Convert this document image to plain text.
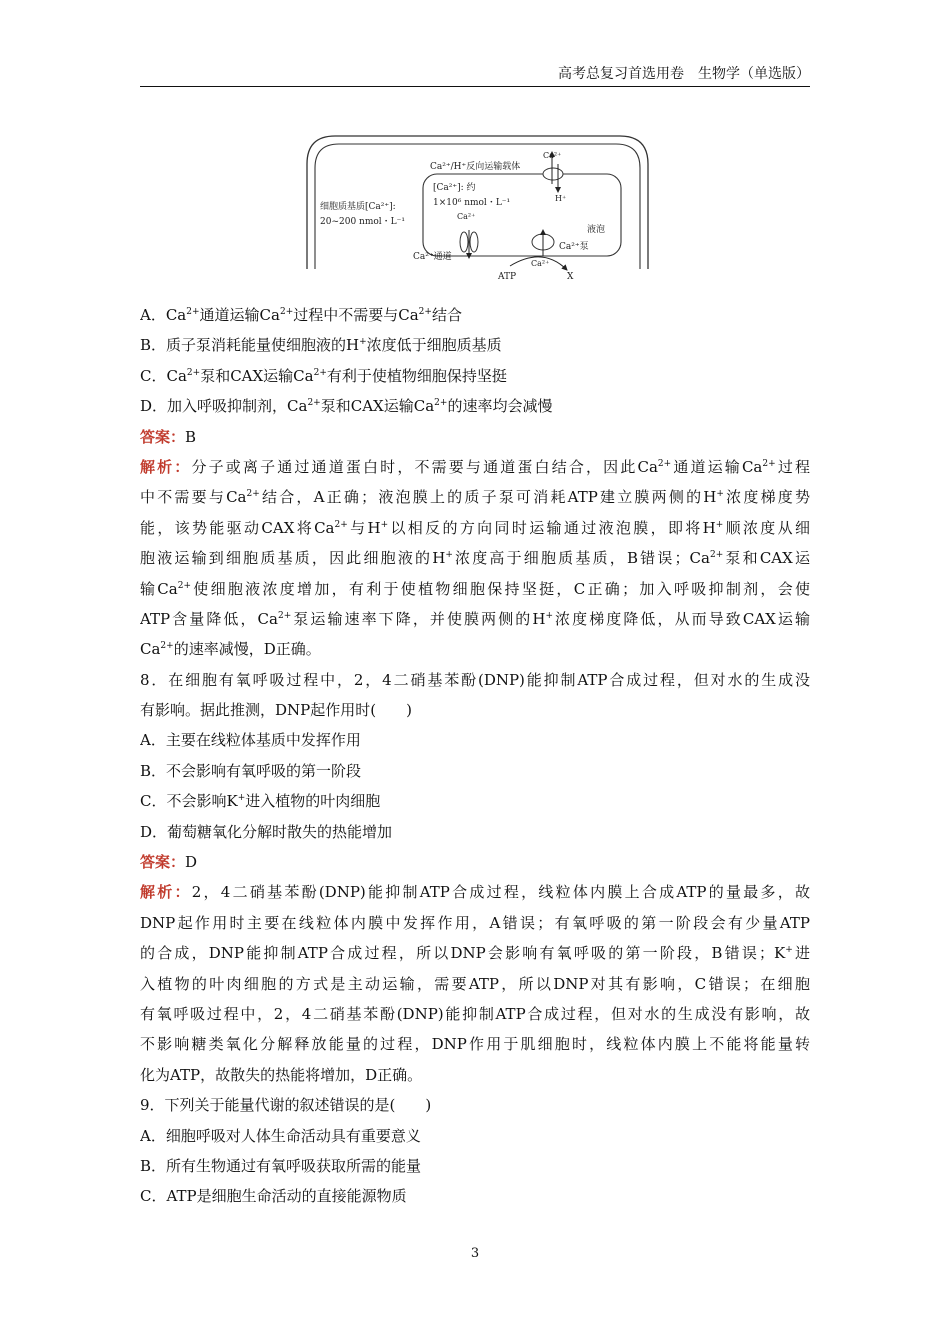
高考总复习首选用卷　生物学（单选版）
Ca²⁺/H⁺反向运输载体
Ca²⁺
H⁺
细胞质基质[Ca²⁺]:
20~200 nmol・L⁻¹
[Ca²⁺]: 约
1×10⁶ nmol・L⁻¹
Ca²⁺
Ca²⁺通道
液泡
Ca²⁺泵
Ca²⁺
ATP	X
A．$Ca^{2+}$通道运输$Ca^{2+}$过程中不需要与$Ca^{2+}$结合
B．质子泵消耗能量使细胞液的H+浓度低于细胞质基质
C．$Ca^{2+}$泵和CAX运输$Ca^{2+}$有利于使植物细胞保持坚挺
D．加入呼吸抑制剂，$Ca^{2+}$泵和CAX运输$Ca^{2+}$的速率均会减慢
答案：B
解析：分子或离子通过通道蛋白时，不需要与通道蛋白结合，因此$Ca^{2+}$通道运输$Ca^{2+}$过程
中不需要与$Ca^{2+}$结合，A正确；液泡膜上的质子泵可消耗ATP建立膜两侧的H+浓度梯度势
能，该势能驱动CAX将$Ca^{2+}$与H+以相反的方向同时运输通过液泡膜，即将H+顺浓度从细
胞液运输到细胞质基质，因此细胞液的H+浓度高于细胞质基质，B错误；$Ca^{2+}$泵和CAX运
输$Ca^{2+}$使细胞液浓度增加，有利于使植物细胞保持坚挺，C正确；加入呼吸抑制剂，会使
ATP含量降低，$Ca^{2+}$泵运输速率下降，并使膜两侧的H+浓度梯度降低，从而导致CAX运输
$Ca^{2+}$的速率减慢，D正确。
8．在细胞有氧呼吸过程中，2，4二硝基苯酚(DNP)能抑制ATP合成过程，但对水的生成没
有影响。据此推测，DNP起作用时(　　)
A．主要在线粒体基质中发挥作用
B．不会影响有氧呼吸的第一阶段
C．不会影响K+进入植物的叶肉细胞
D．葡萄糖氧化分解时散失的热能增加
答案：D
解析：2，4二硝基苯酚(DNP)能抑制ATP合成过程，线粒体内膜上合成ATP的量最多，故
DNP起作用时主要在线粒体内膜中发挥作用，A错误；有氧呼吸的第一阶段会有少量ATP
的合成，DNP能抑制ATP合成过程，所以DNP会影响有氧呼吸的第一阶段，B错误；K+进
入植物的叶肉细胞的方式是主动运输，需要ATP，所以DNP对其有影响，C错误；在细胞
有氧呼吸过程中，2，4二硝基苯酚(DNP)能抑制ATP合成过程，但对水的生成没有影响，故
不影响糖类氧化分解释放能量的过程，DNP作用于肌细胞时，线粒体内膜上不能将能量转
化为ATP，故散失的热能将增加，D正确。
9．下列关于能量代谢的叙述错误的是(　　)
A．细胞呼吸对人体生命活动具有重要意义
B．所有生物通过有氧呼吸获取所需的能量
C．ATP是细胞生命活动的直接能源物质
3
